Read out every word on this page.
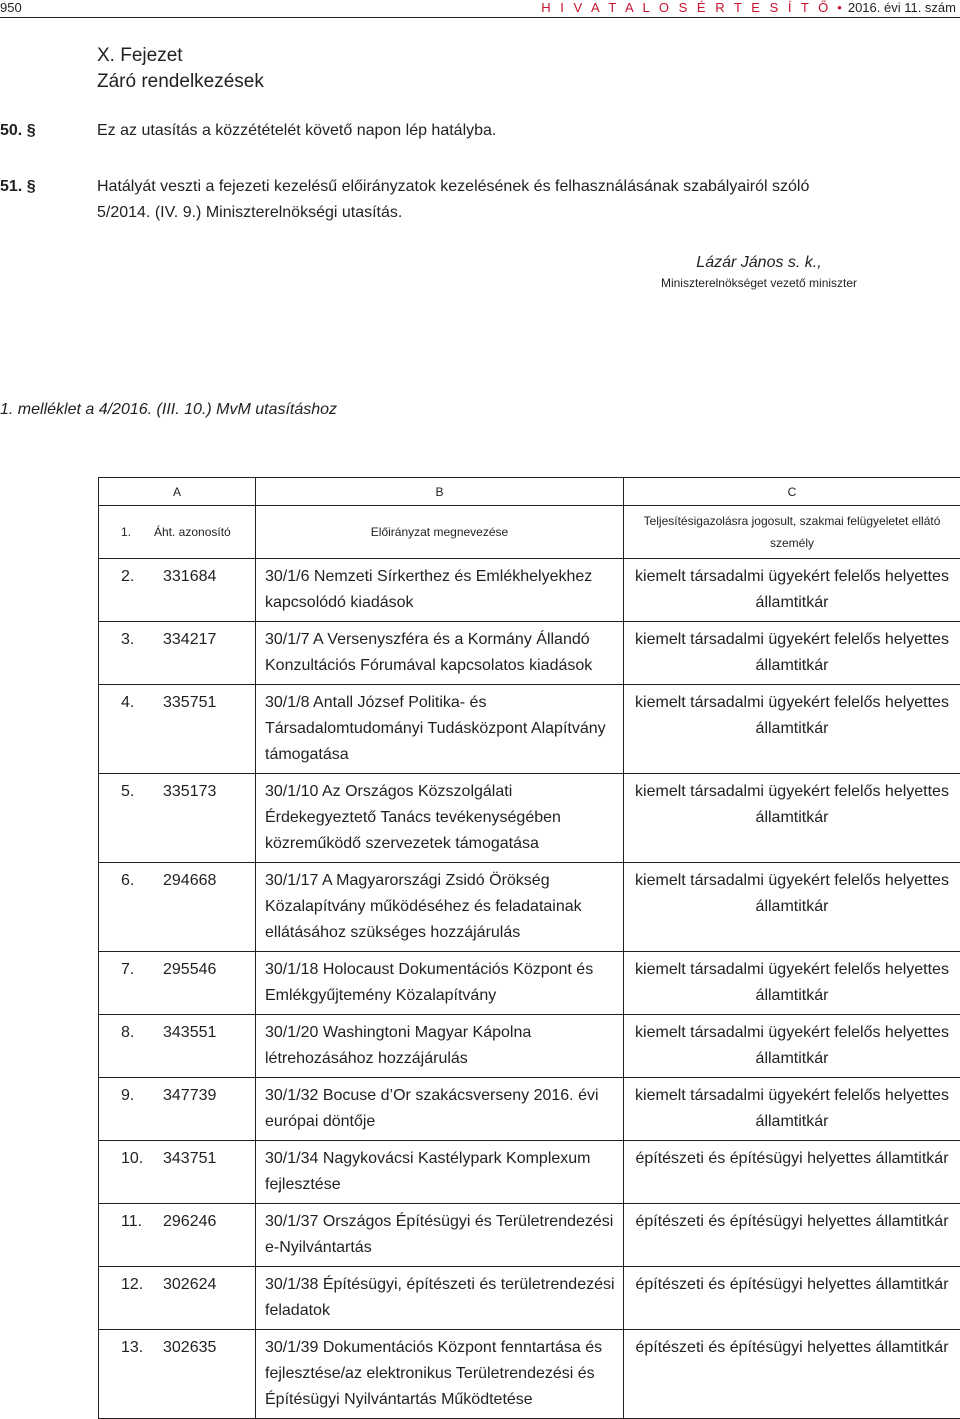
950	H I V A T A L O S É R T E S Í T Ő • 2016. évi 11. szám
X. Fejezet
Záró rendelkezések
50. §	Ez az utasítás a közzétételét követő napon lép hatályba.
51. §	Hatályát veszti a fejezeti kezelésű előirányzatok kezelésének és felhasználásának szabályairól szóló 5/2014. (IV. 9.) Miniszterelnökségi utasítás.
Lázár János s. k.,
Miniszterelnökséget vezető miniszter
1. melléklet a 4/2016. (III. 10.) MvM utasításhoz
A	B	C
1. Áht. azonosító	Előirányzat megnevezése	Teljesítésigazolásra jogosult, szakmai felügyeletet ellátó személy

2. 331684	30/1/6 Nemzeti Sírkerthez és Emlékhelyekhez kapcsolódó kiadások	kiemelt társadalmi ügyekért felelős helyettes államtitkár

3. 334217	30/1/7 A Versenyszféra és a Kormány Állandó Konzultációs Fórumával kapcsolatos kiadások	kiemelt társadalmi ügyekért felelős helyettes államtitkár

4. 335751	30/1/8 Antall József Politika- és Társadalomtudományi Tudásközpont Alapítvány támogatása	kiemelt társadalmi ügyekért felelős helyettes államtitkár

5. 335173	30/1/10 Az Országos Közszolgálati Érdekegyeztető Tanács tevékenységében közreműködő szervezetek támogatása	kiemelt társadalmi ügyekért felelős helyettes államtitkár

6. 294668	30/1/17 A Magyarországi Zsidó Örökség Közalapítvány működéséhez és feladatainak ellátásához szükséges hozzájárulás	kiemelt társadalmi ügyekért felelős helyettes államtitkár

7. 295546	30/1/18 Holocaust Dokumentációs Központ és Emlékgyűjtemény Közalapítvány	kiemelt társadalmi ügyekért felelős helyettes államtitkár

8. 343551	30/1/20 Washingtoni Magyar Kápolna létrehozásához hozzájárulás	kiemelt társadalmi ügyekért felelős helyettes államtitkár

9. 347739	30/1/32 Bocuse d’Or szakácsverseny 2016. évi európai döntője	kiemelt társadalmi ügyekért felelős helyettes államtitkár

10. 343751	30/1/34 Nagykovácsi Kastélypark Komplexum fejlesztése	építészeti és építésügyi helyettes államtitkár

11. 296246	30/1/37 Országos Építésügyi és Területrendezési e-Nyilvántartás	építészeti és építésügyi helyettes államtitkár

12. 302624	30/1/38 Építésügyi, építészeti és területrendezési feladatok	építészeti és építésügyi helyettes államtitkár

13. 302635	30/1/39 Dokumentációs Központ fenntartása és fejlesztése/az elektronikus Területrendezési és Építésügyi Nyilvántartás Működtetése	építészeti és építésügyi helyettes államtitkár
